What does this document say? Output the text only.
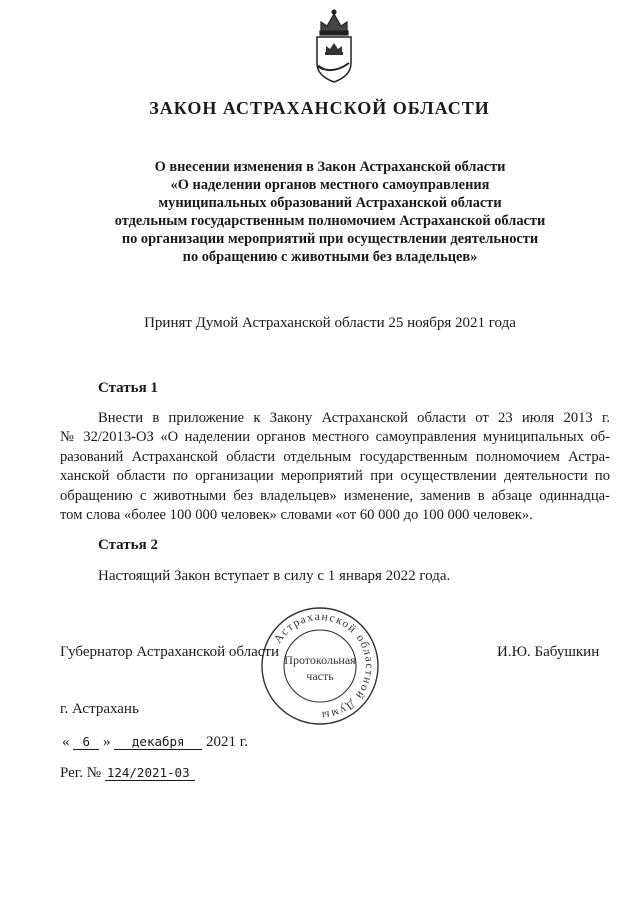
ЗАКОН АСТРАХАНСКОЙ ОБЛАСТИ
О внесении изменения в Закон Астраханской области
«О наделении органов местного самоуправления
муниципальных образований Астраханской области
отдельным государственным полномочием Астраханской области
по организации мероприятий при осуществлении деятельности
по обращению с животными без владельцев»
Принят Думой Астраханской области 25 ноября 2021 года
Статья 1
Внести в приложение к Закону Астраханской области от 23 июля 2013 г.
№ 32/2013-ОЗ «О наделении органов местного самоуправления муниципальных об-
разований Астраханской области отдельным государственным полномочием Астра-
ханской области по организации мероприятий при осуществлении деятельности по
обращению с животными без владельцев» изменение, заменив в абзаце одиннадца-
том слова «более 100 000 человек» словами «от 60 000 до 100 000 человек».
Статья 2
Настоящий Закон вступает в силу с 1 января 2022 года.
Губернатор Астраханской области	И.Ю. Бабушкин
Астраханской областной Думы
Протокольная
часть
г. Астрахань
« 6 » декабря 2021 г.
Рег. № 124/2021-03
